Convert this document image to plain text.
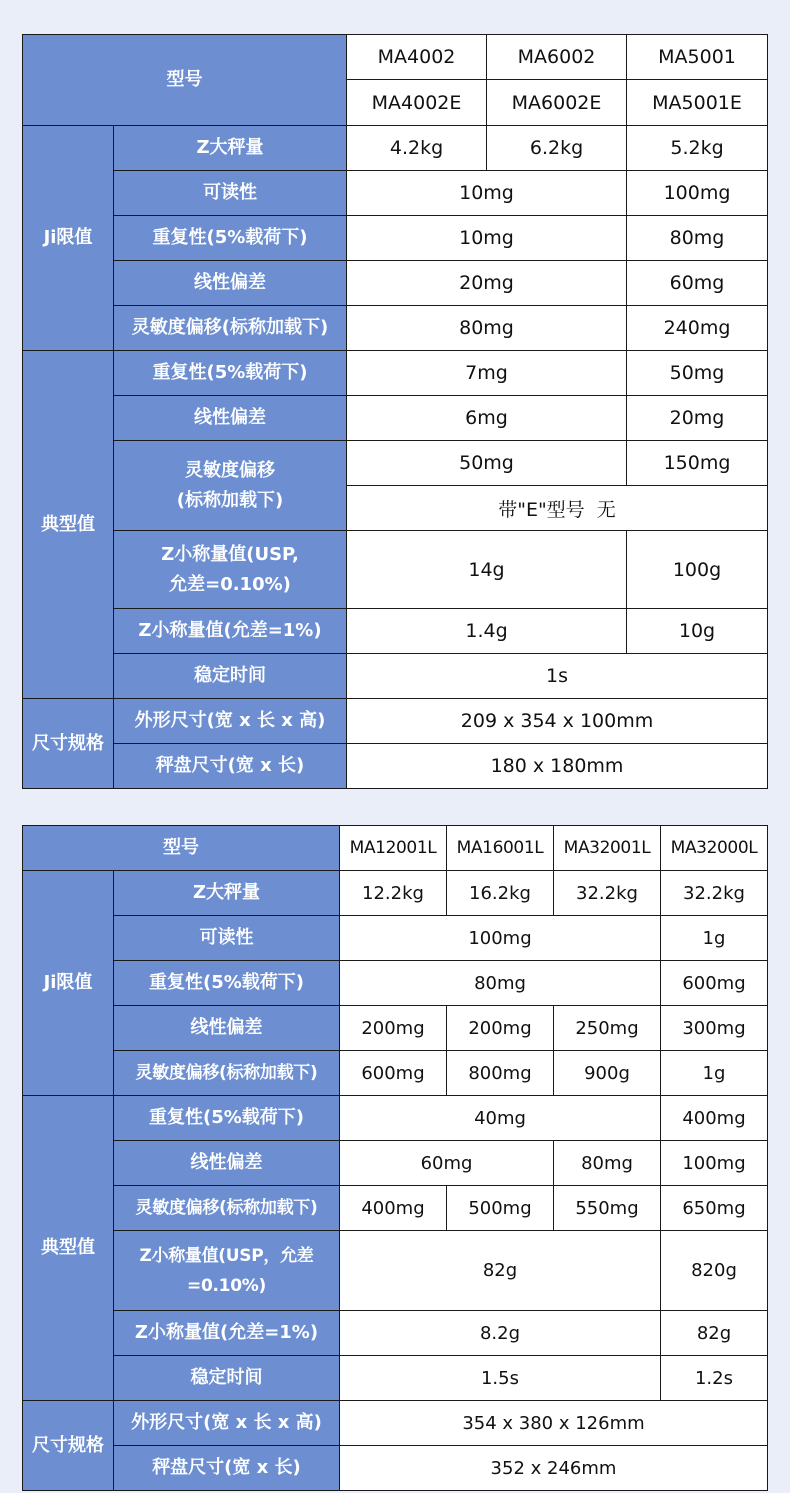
型号		MA4002	MA6002	MA5001
		MA4002E	MA6002E	MA5001E
Ji限值	Z大秤量	4.2kg	6.2kg	5.2kg
	可读性	10mg		100mg
	重复性(5%载荷下)	10mg		80mg
	线性偏差	20mg		60mg
	灵敏度偏移(标称加载下)	80mg		240mg
典型值	重复性(5%载荷下)	7mg		50mg
	线性偏差	6mg		20mg

	灵敏度偏移
(标称加载下)	50mg		150mg
		带"E"型号  无		

	Z小称量值(USP,
允差=0.10%)	14g		100g
	Z小称量值(允差=1%)	1.4g		10g
	稳定时间	1s		
尺寸规格	外形尺寸(宽 x 长 x 高)	209 x 354 x 100mm		
	秤盘尺寸(宽 x 长)	180 x 180mm		
型号		MA12001L	MA16001L	MA32001L	MA32000L
Ji限值	Z大秤量	12.2kg	16.2kg	32.2kg	32.2kg
	可读性	100mg			1g
	重复性(5%载荷下)	80mg			600mg
	线性偏差	200mg	200mg	250mg	300mg
	灵敏度偏移(标称加载下)	600mg	800mg	900g	1g
典型值	重复性(5%载荷下)	40mg			400mg
	线性偏差	60mg		80mg	100mg
	灵敏度偏移(标称加载下)	400mg	500mg	550mg	650mg

	Z小称量值(USP，允差
=0.10%)	82g			820g
	Z小称量值(允差=1%)	8.2g			82g
	稳定时间	1.5s			1.2s
尺寸规格	外形尺寸(宽 x 长 x 高)	354 x 380 x 126mm			
	秤盘尺寸(宽 x 长)	352 x 246mm			
